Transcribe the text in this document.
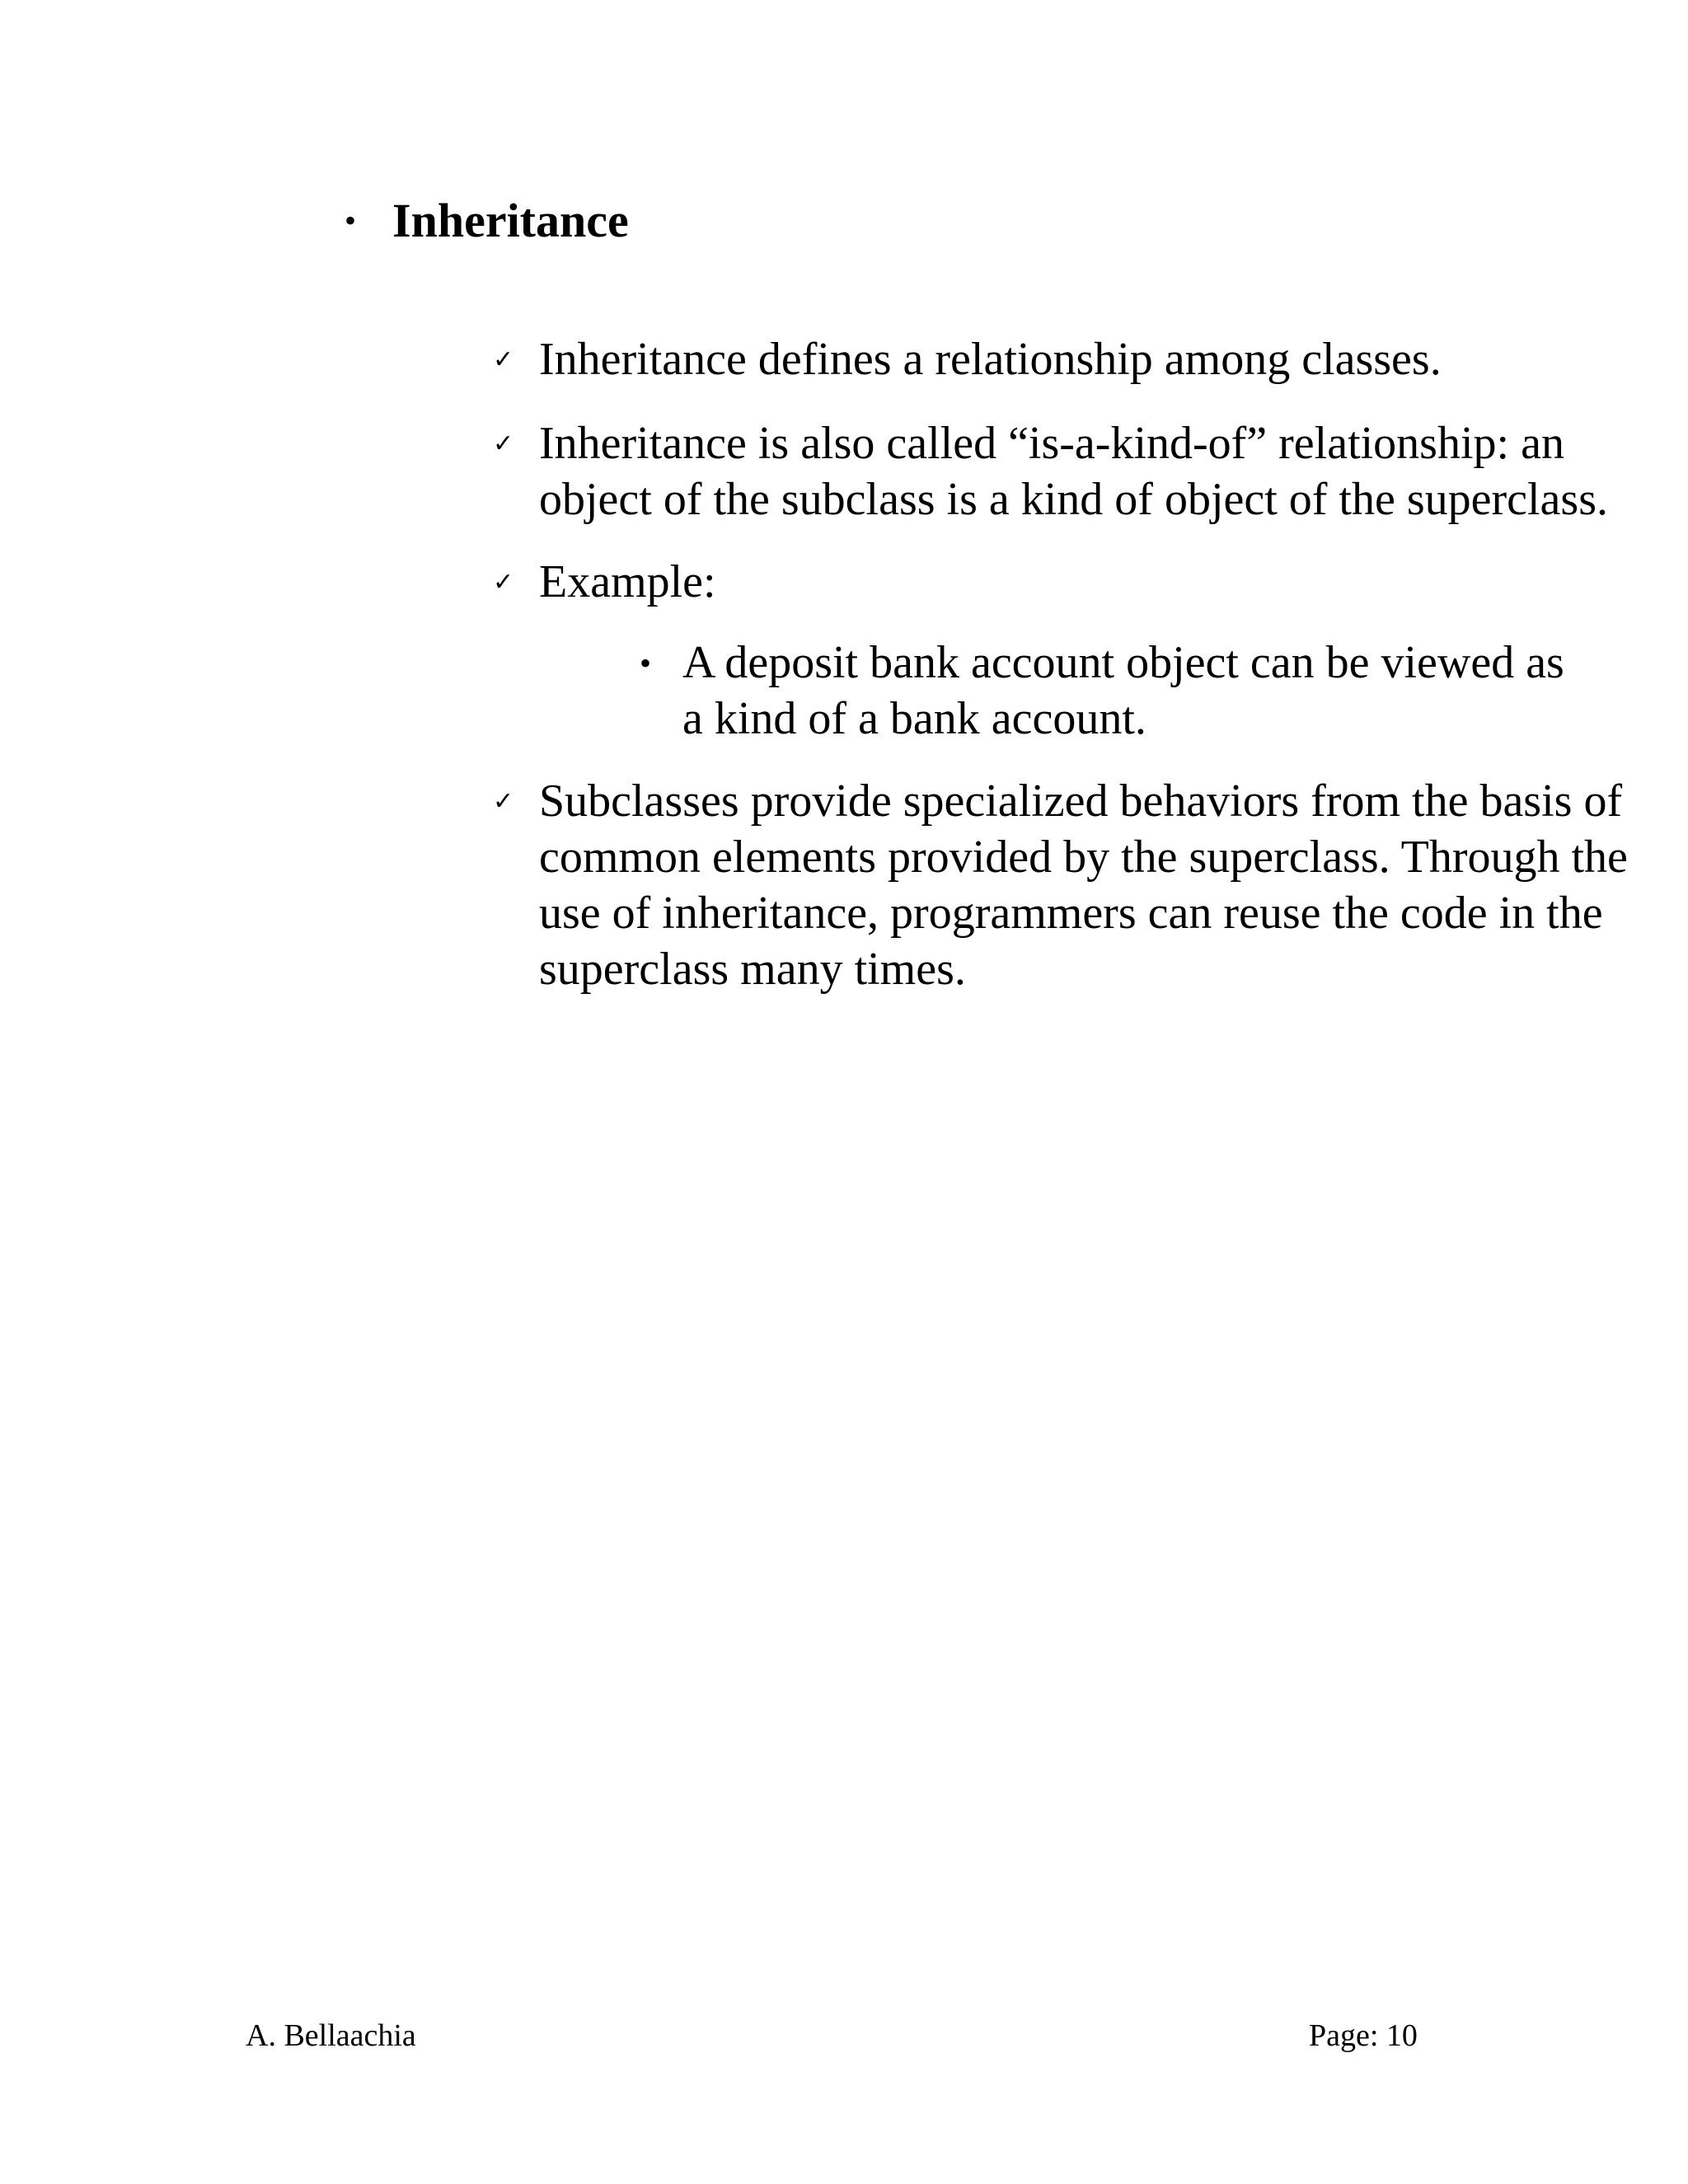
• Inheritance
✓ Inheritance defines a relationship among classes.
✓ Inheritance is also called “is-a-kind-of” relationship: an object of the subclass is a kind of object of the superclass.
✓ Example:
• A deposit bank account object can be viewed as a kind of a bank account.
✓ Subclasses provide specialized behaviors from the basis of common elements provided by the superclass. Through the use of inheritance, programmers can reuse the code in the superclass many times.
A. Bellaachia	Page: 10
